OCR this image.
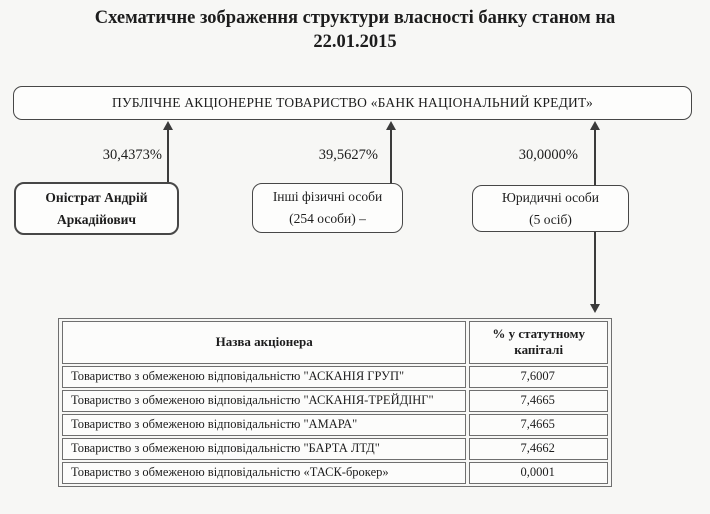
Схематичне зображення структури власності банку станом на
22.01.2015
ПУБЛІЧНЕ АКЦІОНЕРНЕ ТОВАРИСТВО «БАНК НАЦІОНАЛЬНИЙ КРЕДИТ»
30,4373%	39,5627%	30,0000%
Оністрат Андрій
Аркадійович
Інші фізичні особи
(254 особи) –
Юридичні особи
(5 осіб)
Назва акціонера	% у статутному капіталі
Товариство з обмеженою відповідальністю "АСКАНІЯ ГРУП"	7,6007
Товариство з обмеженою відповідальністю "АСКАНІЯ-ТРЕЙДІНГ"	7,4665
Товариство з обмеженою відповідальністю "АМАРА"	7,4665
Товариство з обмеженою відповідальністю "БАРТА ЛТД"	7,4662
Товариство з обмеженою відповідальністю «ТАСК-брокер»	0,0001
